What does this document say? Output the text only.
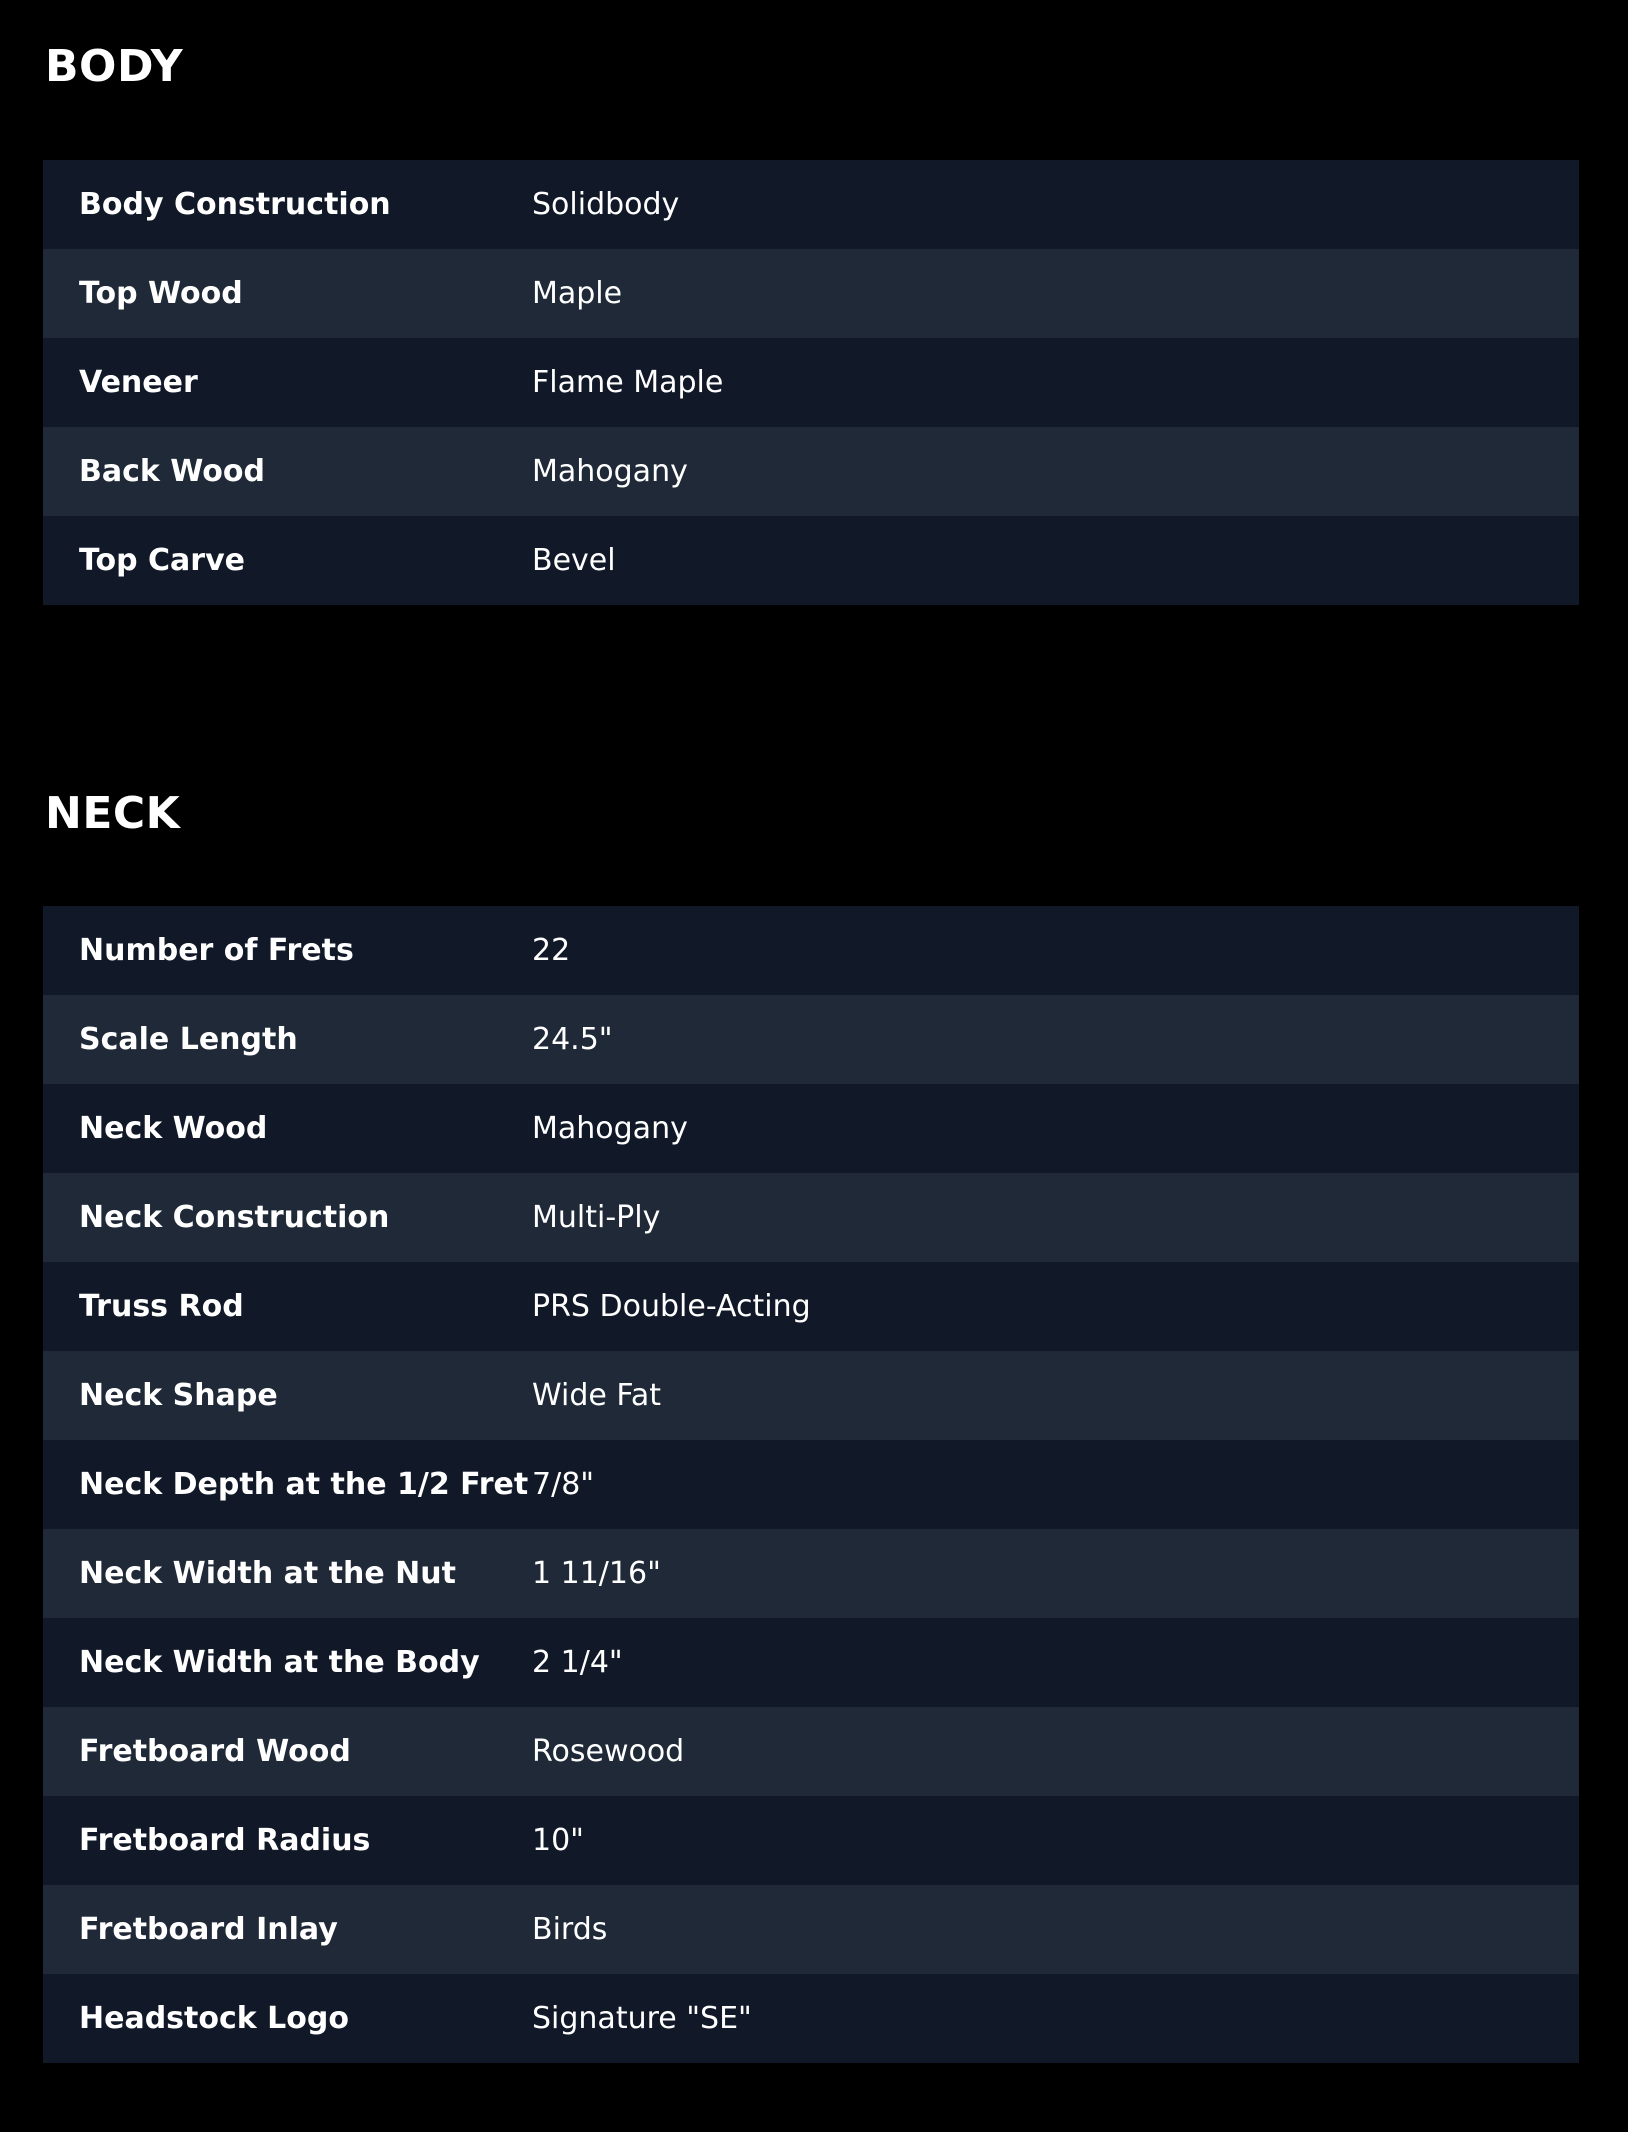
BODY
Body Construction	Solidbody
Top Wood	Maple
Veneer	Flame Maple
Back Wood	Mahogany
Top Carve	Bevel
NECK
Number of Frets	22
Scale Length	24.5"
Neck Wood	Mahogany
Neck Construction	Multi-Ply
Truss Rod	PRS Double-Acting
Neck Shape	Wide Fat
Neck Depth at the 1/2 Fret 7/8"
Neck Width at the Nut	1 11/16"
Neck Width at the Body	2 1/4"
Fretboard Wood	Rosewood
Fretboard Radius	10"
Fretboard Inlay	Birds
Headstock Logo	Signature "SE"
